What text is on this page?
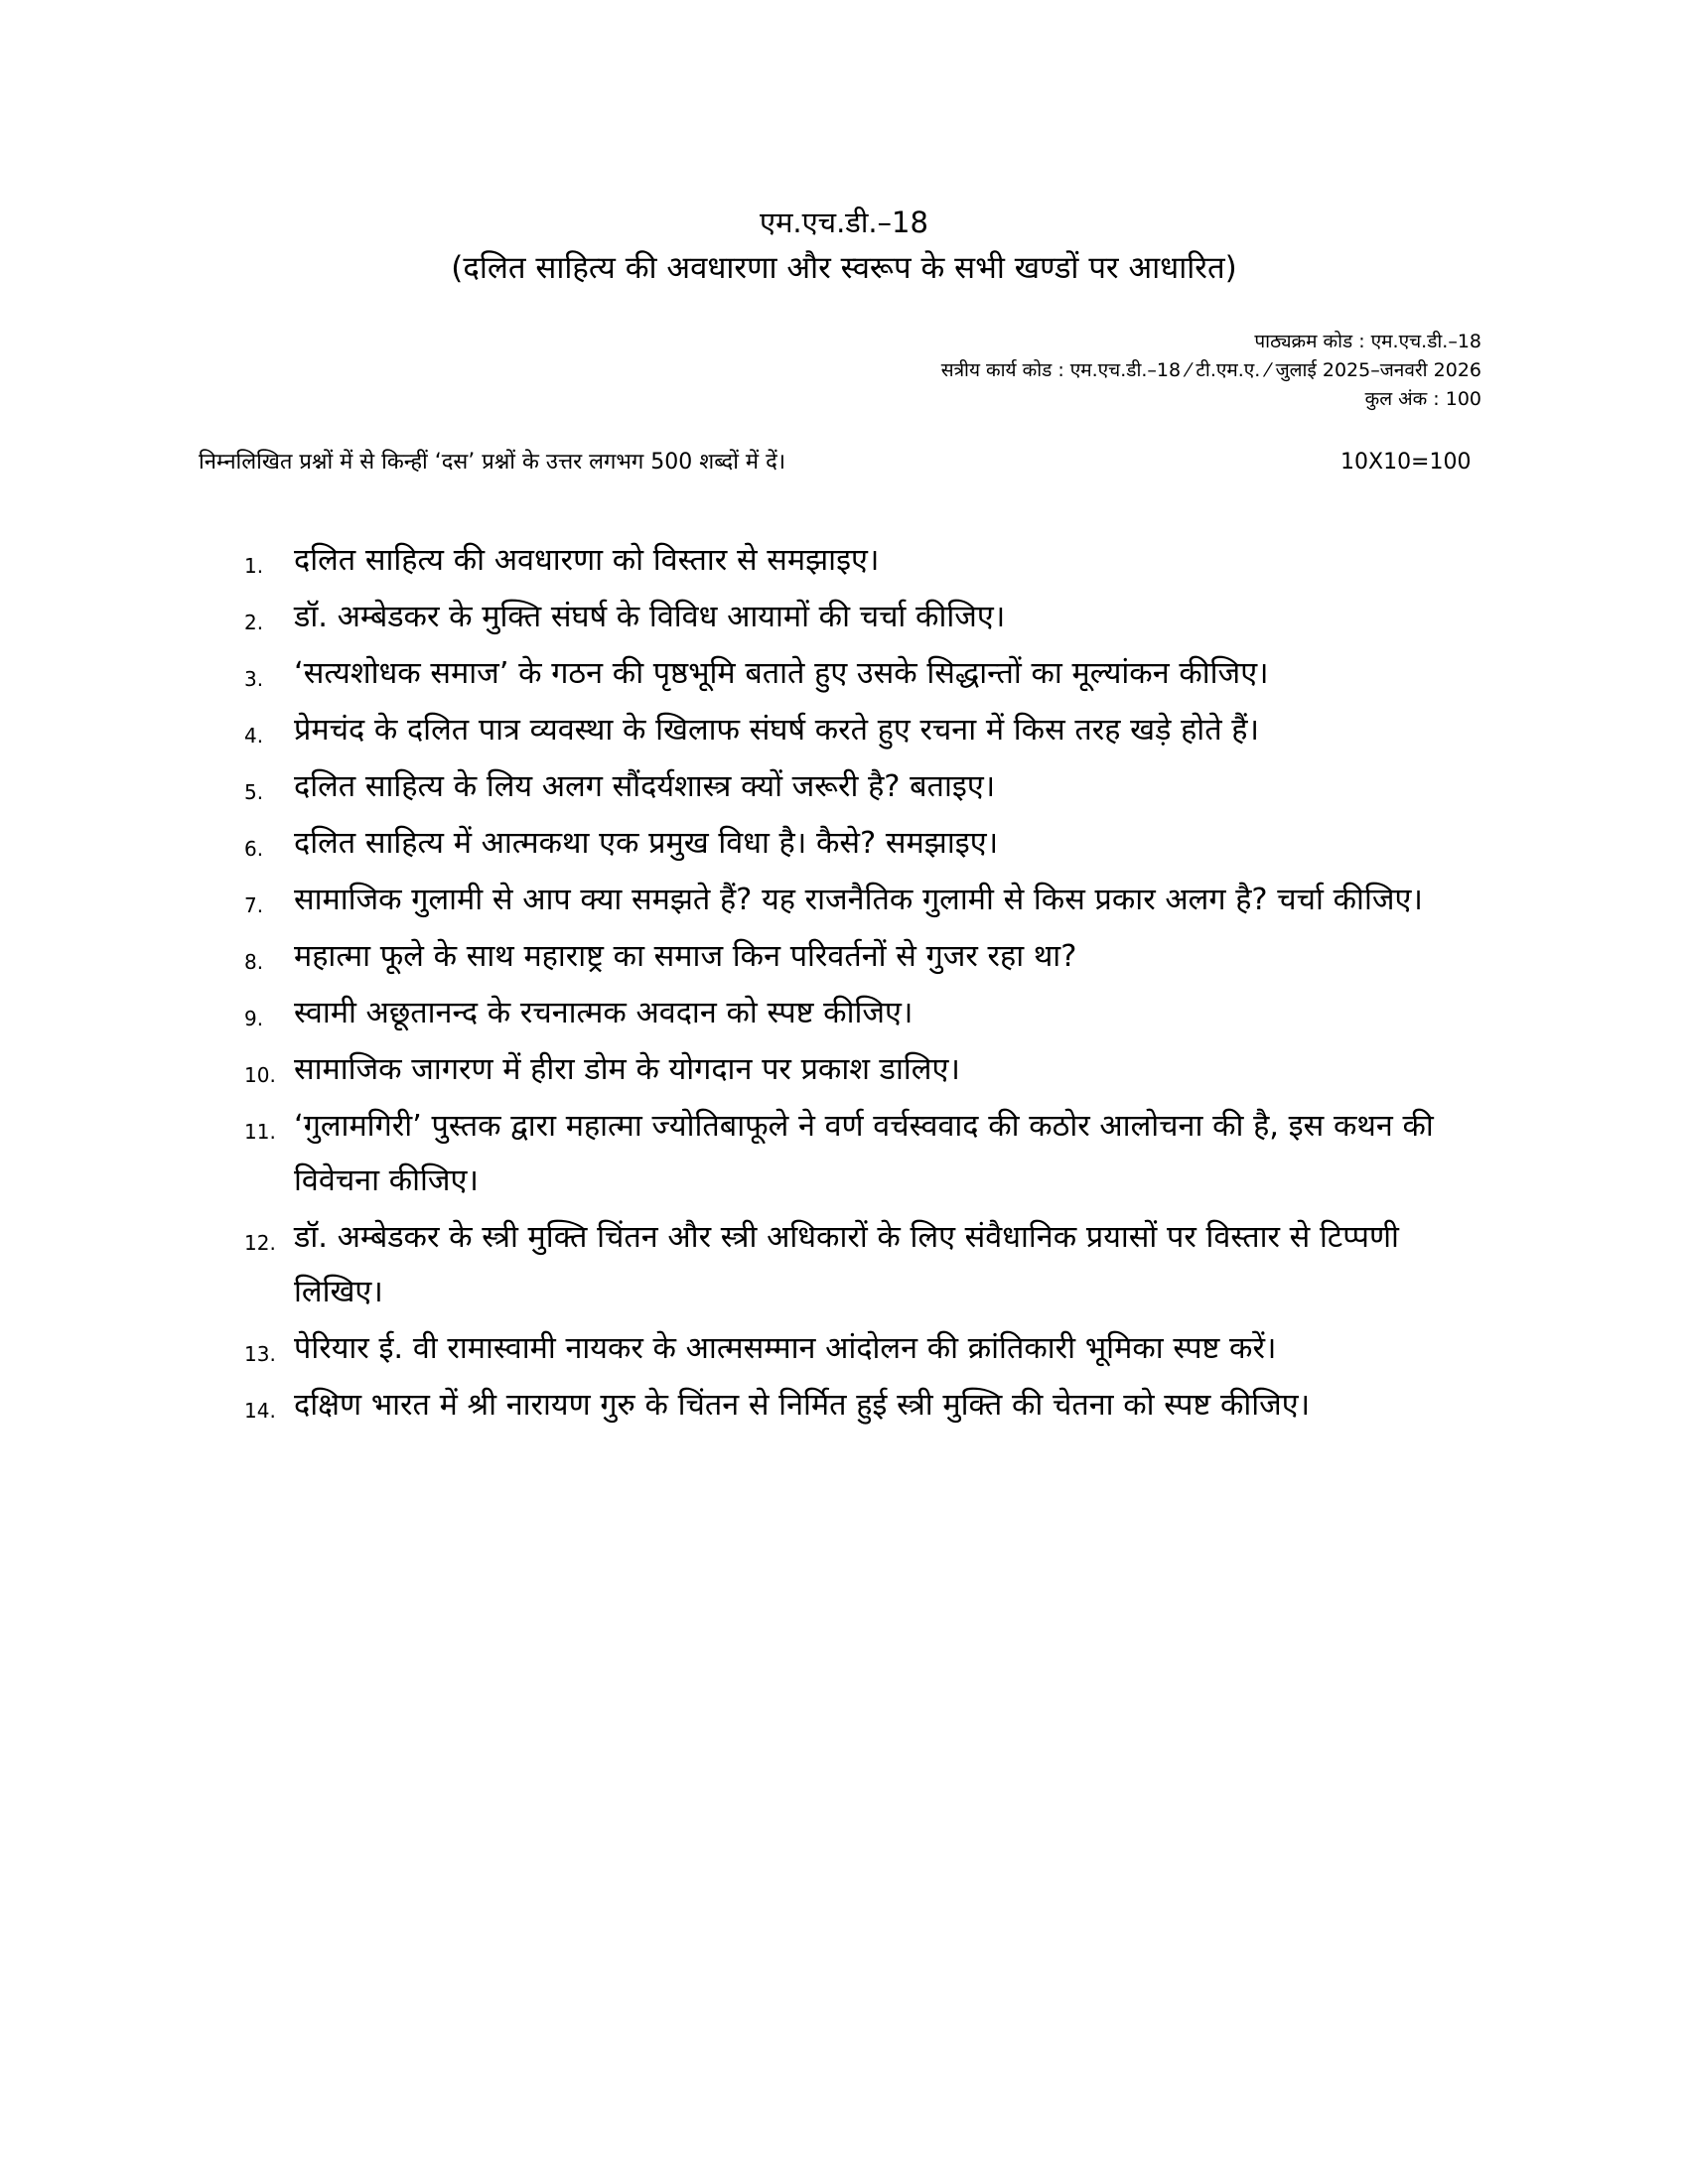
एम.एच.डी.–18
(दलित साहित्य की अवधारणा और स्वरूप के सभी खण्डों पर आधारित)
पाठ्यक्रम कोड : एम.एच.डी.–18
सत्रीय कार्य कोड : एम.एच.डी.–18 ⁄ टी.एम.ए. ⁄ जुलाई 2025–जनवरी 2026
कुल अंक : 100
निम्नलिखित प्रश्नों में से किन्हीं ‘दस’ प्रश्नों के उत्तर लगभग 500 शब्दों में दें।	10X10=100
1. दलित साहित्य की अवधारणा को विस्तार से समझाइए।
2. डॉ. अम्बेडकर के मुक्ति संघर्ष के विविध आयामों की चर्चा कीजिए।
3. ‘सत्यशोधक समाज’ के गठन की पृष्ठभूमि बताते हुए उसके सिद्धान्तों का मूल्यांकन कीजिए।
4. प्रेमचंद के दलित पात्र व्यवस्था के खिलाफ संघर्ष करते हुए रचना में किस तरह खड़े होते हैं।
5. दलित साहित्य के लिय अलग सौंदर्यशास्त्र क्यों जरूरी है? बताइए।
6. दलित साहित्य में आत्मकथा एक प्रमुख विधा है। कैसे? समझाइए।
7. सामाजिक गुलामी से आप क्या समझते हैं? यह राजनैतिक गुलामी से किस प्रकार अलग है? चर्चा कीजिए।
8. महात्मा फूले के साथ महाराष्ट्र का समाज किन परिवर्तनों से गुजर रहा था?
9. स्वामी अछूतानन्द के रचनात्मक अवदान को स्पष्ट कीजिए।
10. सामाजिक जागरण में हीरा डोम के योगदान पर प्रकाश डालिए।
11. ‘गुलामगिरी’ पुस्तक द्वारा महात्मा ज्योतिबाफूले ने वर्ण वर्चस्ववाद की कठोर आलोचना की है, इस कथन की विवेचना कीजिए।
12. डॉ. अम्बेडकर के स्त्री मुक्ति चिंतन और स्त्री अधिकारों के लिए संवैधानिक प्रयासों पर विस्तार से टिप्पणी लिखिए।
13. पेरियार ई. वी रामास्वामी नायकर के आत्मसम्मान आंदोलन की क्रांतिकारी भूमिका स्पष्ट करें।
14. दक्षिण भारत में श्री नारायण गुरु के चिंतन से निर्मित हुई स्त्री मुक्ति की चेतना को स्पष्ट कीजिए।
